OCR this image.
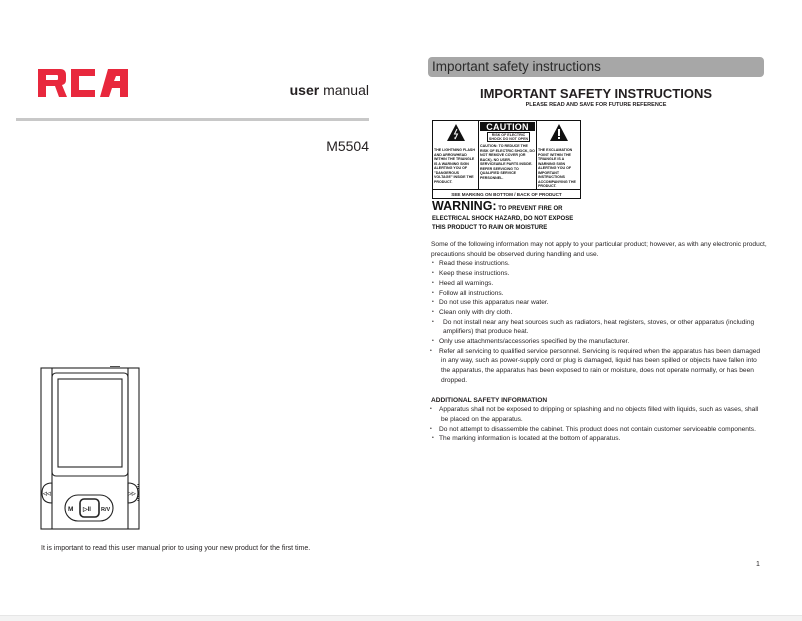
user manual
M5504
◁◁	▷▷
M ▷II R/V
It is important to read this user manual prior to using your new product for the first time.
Important safety instructions
IMPORTANT SAFETY INSTRUCTIONS
PLEASE READ AND SAVE FOR FUTURE REFERENCE
THE LIGHTNING FLASH AND ARROWHEAD WITHIN THE TRIANGLE IS A WARNING SIGN ALERTING YOU OF "DANGEROUS VOLTAGE" INSIDE THE PRODUCT.
CAUTION
RISK OF ELECTRIC SHOCK DO NOT OPEN
CAUTION: TO REDUCE THE RISK OF ELECTRIC SHOCK, DO NOT REMOVE COVER (OR BACK). NO USER-SERVICEABLE PARTS INSIDE. REFER SERVICING TO QUALIFIED SERVICE PERSONNEL.
THE EXCLAMATION POINT WITHIN THE TRIANGLE IS A WARNING SIGN ALERTING YOU OF IMPORTANT INSTRUCTIONS ACCOMPANYING THE PRODUCT.
SEE MARKING ON BOTTOM / BACK OF PRODUCT
WARNING: TO PREVENT FIRE OR
ELECTRICAL SHOCK HAZARD, DO NOT EXPOSE
THIS PRODUCT TO RAIN OR MOISTURE

Some of the following information may not apply to your particular product; however, as with any electronic product, precautions should be observed during handling and use.

• Read these instructions.
• Keep these instructions.
• Heed all warnings.
• Follow all instructions.
• Do not use this apparatus near water.
• Clean only with dry cloth.
• Do not install near any heat sources such as radiators, heat registers, stoves, or other apparatus (including amplifiers) that produce heat.
• Only use attachments/accessories specified by the manufacturer.
• Refer all servicing to qualified service personnel. Servicing is required when the apparatus has been damaged in any way, such as power-supply cord or plug is damaged, liquid has been spilled or objects have fallen into the apparatus, the apparatus has been exposed to rain or moisture, does not operate normally, or has been dropped.

ADDITIONAL SAFETY INFORMATION

• Apparatus shall not be exposed to dripping or splashing and no objects filled with liquids, such as vases, shall be placed on the apparatus.
• Do not attempt to disassemble the cabinet. This product does not contain customer serviceable components.
• The marking information is located at the bottom of apparatus.
1
